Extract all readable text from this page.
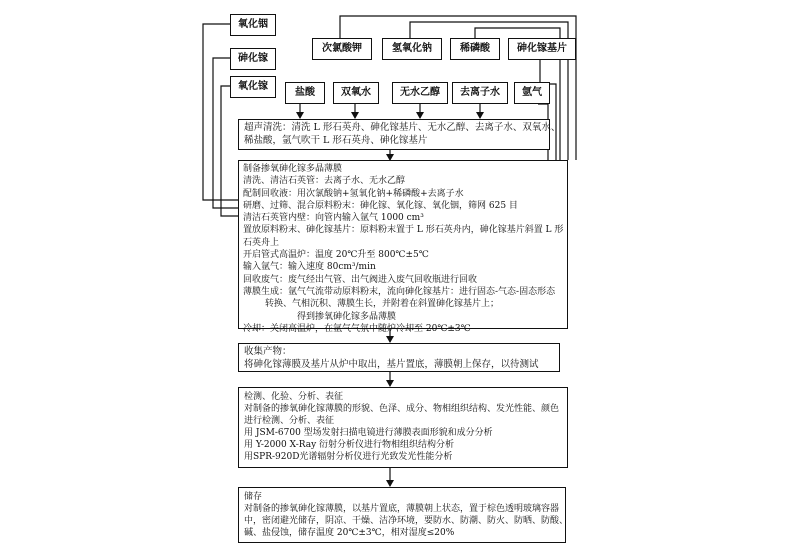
氧化铟
砷化镓
氧化镓
次氯酸钾	氢氧化钠	稀磷酸	砷化镓基片
盐酸	双氧水	无水乙醇	去离子水	氩气
超声清洗：清洗 L 形石英舟、砷化镓基片、无水乙醇、去离子水、双氧水、
稀盐酸，氩气吹干 L 形石英舟、砷化镓基片
制备掺氧砷化镓多晶薄膜
清洗、清洁石英管：去离子水、无水乙醇
配制回收液：用次氯酸钠+氢氧化钠+稀磷酸+去离子水
研磨、过筛、混合原料粉末：砷化镓、氧化镓、氧化铟，筛网 625 目
清洁石英管内壁：向管内输入氩气 1000 cm³
置放原料粉末、砷化镓基片：原料粉末置于 L 形石英舟内，砷化镓基片斜置 L 形
石英舟上
开启管式高温炉：温度 20℃升至 800℃±5℃
输入氩气：输入速度 80cm³/min
回收废气：废气经出气管、出气阀进入废气回收瓶进行回收
薄膜生成：氩气气流带动原料粉末，流向砷化镓基片：进行固态-气态-固态形态
转换、气相沉积、薄膜生长，并附着在斜置砷化镓基片上；
得到掺氧砷化镓多晶薄膜
冷却：关闭高温炉，在氩气气氛中随炉冷却至 20℃±3℃
收集产物：
将砷化镓薄膜及基片从炉中取出，基片置底，薄膜朝上保存，以待测试
检测、化验、分析、表征
对制备的掺氧砷化镓薄膜的形貌、色泽、成分、物相组织结构、发光性能、颜色
进行检测、分析、表征
用 JSM-6700 型场发射扫描电镜进行薄膜表面形貌和成分分析
用 Y-2000 X-Ray 衍射分析仪进行物相组织结构分析
用SPR-920D光谱辐射分析仪进行光致发光性能分析
储存
对制备的掺氧砷化镓薄膜，以基片置底，薄膜朝上状态，置于棕色透明玻璃容器
中，密闭避光储存，阴凉、干燥、洁净环境，要防水、防潮、防火、防晒、防酸、
碱、盐侵蚀，储存温度 20℃±3℃，相对湿度≤20%
